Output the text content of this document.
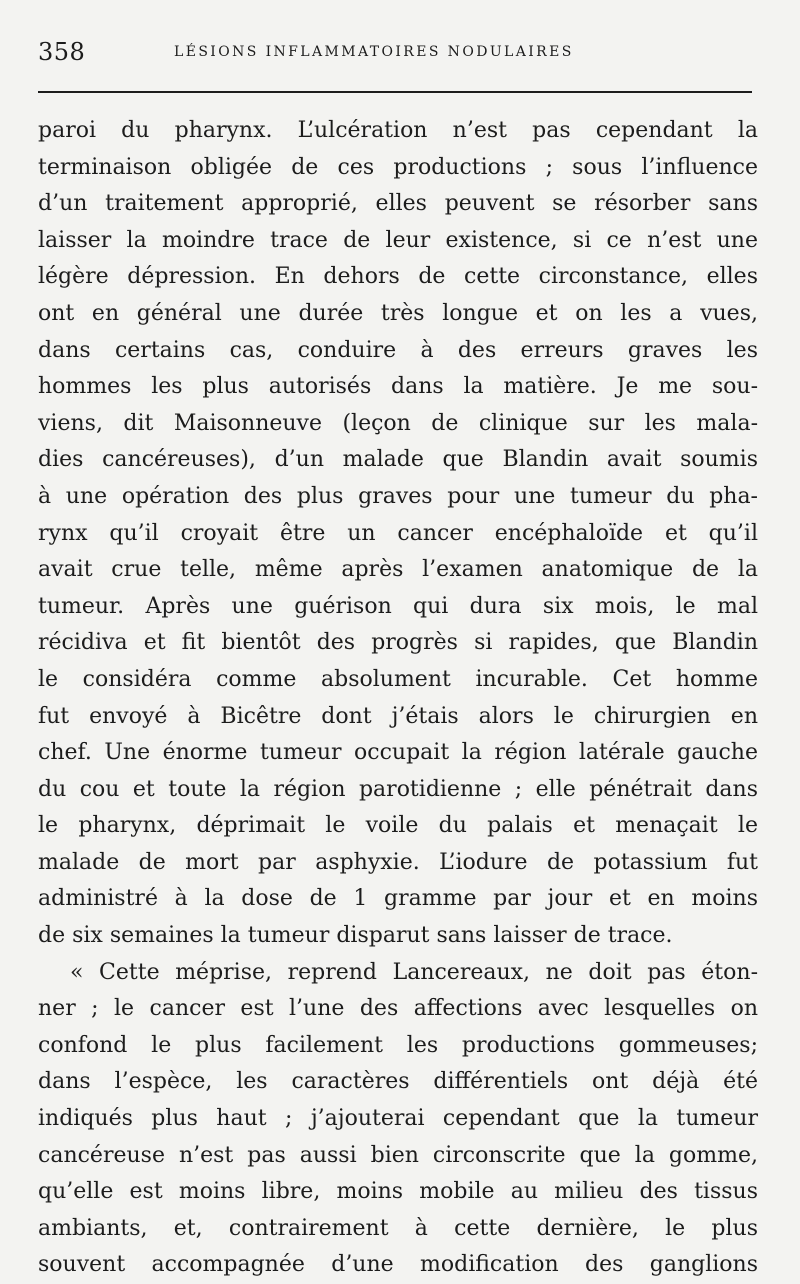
358	LÉSIONS INFLAMMATOIRES NODULAIRES
paroi du pharynx. L’ulcération n’est pas cependant la
terminaison obligée de ces productions ; sous l’influence
d’un traitement approprié, elles peuvent se résorber sans
laisser la moindre trace de leur existence, si ce n’est une
légère dépression. En dehors de cette circonstance, elles
ont en général une durée très longue et on les a vues,
dans certains cas, conduire à des erreurs graves les
hommes les plus autorisés dans la matière. Je me sou-
viens, dit Maisonneuve (leçon de clinique sur les mala-
dies cancéreuses), d’un malade que Blandin avait soumis
à une opération des plus graves pour une tumeur du pha-
rynx qu’il croyait être un cancer encéphaloïde et qu’il
avait crue telle, même après l’examen anatomique de la
tumeur. Après une guérison qui dura six mois, le mal
récidiva et fit bientôt des progrès si rapides, que Blandin
le considéra comme absolument incurable. Cet homme
fut envoyé à Bicêtre dont j’étais alors le chirurgien en
chef. Une énorme tumeur occupait la région latérale gauche
du cou et toute la région parotidienne ; elle pénétrait dans
le pharynx, déprimait le voile du palais et menaçait le
malade de mort par asphyxie. L’iodure de potassium fut
administré à la dose de 1 gramme par jour et en moins
de six semaines la tumeur disparut sans laisser de trace.
« Cette méprise, reprend Lancereaux, ne doit pas éton-
ner ; le cancer est l’une des affections avec lesquelles on
confond le plus facilement les productions gommeuses;
dans l’espèce, les caractères différentiels ont déjà été
indiqués plus haut ; j’ajouterai cependant que la tumeur
cancéreuse n’est pas aussi bien circonscrite que la gomme,
qu’elle est moins libre, moins mobile au milieu des tissus
ambiants, et, contrairement à cette dernière, le plus
souvent accompagnée d’une modification des ganglions
